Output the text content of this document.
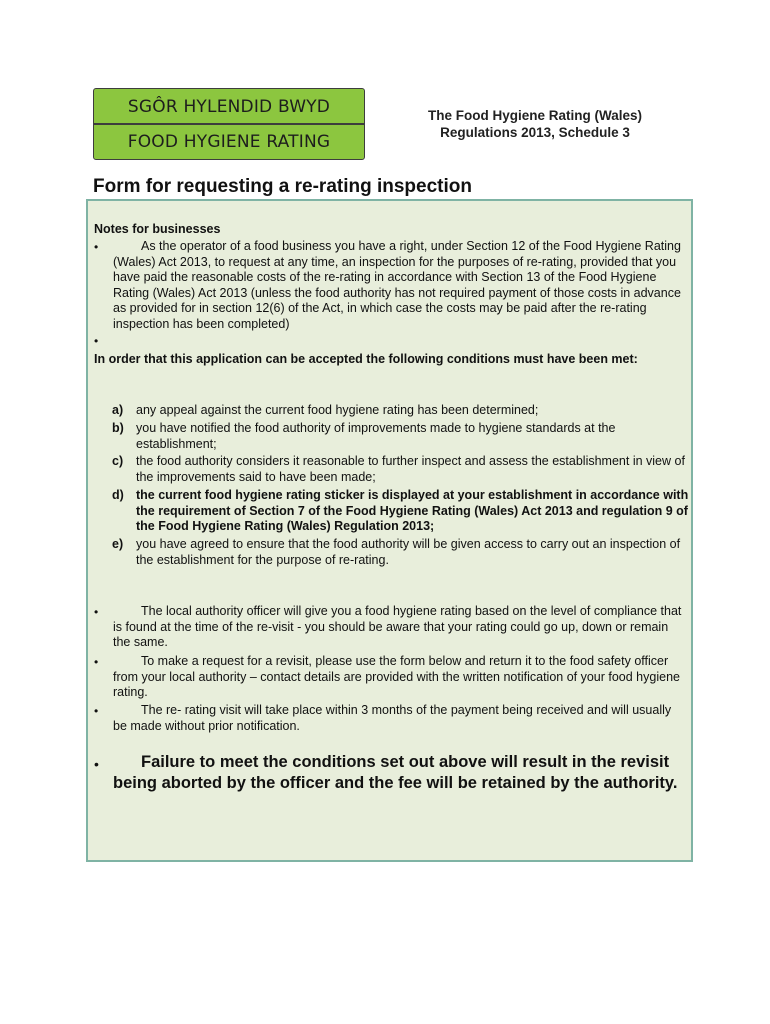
SGÔR HYLENDID BWYD
FOOD HYGIENE RATING
The Food Hygiene Rating (Wales)
Regulations 2013, Schedule 3
Form for requesting a re-rating inspection
Notes for businesses
•	As the operator of a food business you have a right, under Section 12 of the Food Hygiene Rating (Wales) Act 2013, to request at any time, an inspection for the purposes of re-rating, provided that you have paid the reasonable costs of the re-rating in accordance with Section 13 of the Food Hygiene Rating (Wales) Act 2013 (unless the food authority has not required payment of those costs in advance as provided for in section 12(6) of the Act, in which case the costs may be paid after the re-rating inspection has been completed)
•
In order that this application can be accepted the following conditions must have been met:
a) any appeal against the current food hygiene rating has been determined;
b) you have notified the food authority of improvements made to hygiene standards at the establishment;
c) the food authority considers it reasonable to further inspect and assess the establishment in view of the improvements said to have been made;
d) the current food hygiene rating sticker is displayed at your establishment in accordance with the requirement of Section 7 of the Food Hygiene Rating (Wales) Act 2013 and regulation 9 of the Food Hygiene Rating (Wales) Regulation 2013;
e) you have agreed to ensure that the food authority will be given access to carry out an inspection of the establishment for the purpose of re-rating.
•	The local authority officer will give you a food hygiene rating based on the level of compliance that is found at the time of the re-visit - you should be aware that your rating could go up, down or remain the same.
•	To make a request for a revisit, please use the form below and return it to the food safety officer from your local authority – contact details are provided with the written notification of your food hygiene rating.
•	The re- rating visit will take place within 3 months of the payment being received and will usually be made without prior notification.
•	Failure to meet the conditions set out above will result in the revisit being aborted by the officer and the fee will be retained by the authority.
